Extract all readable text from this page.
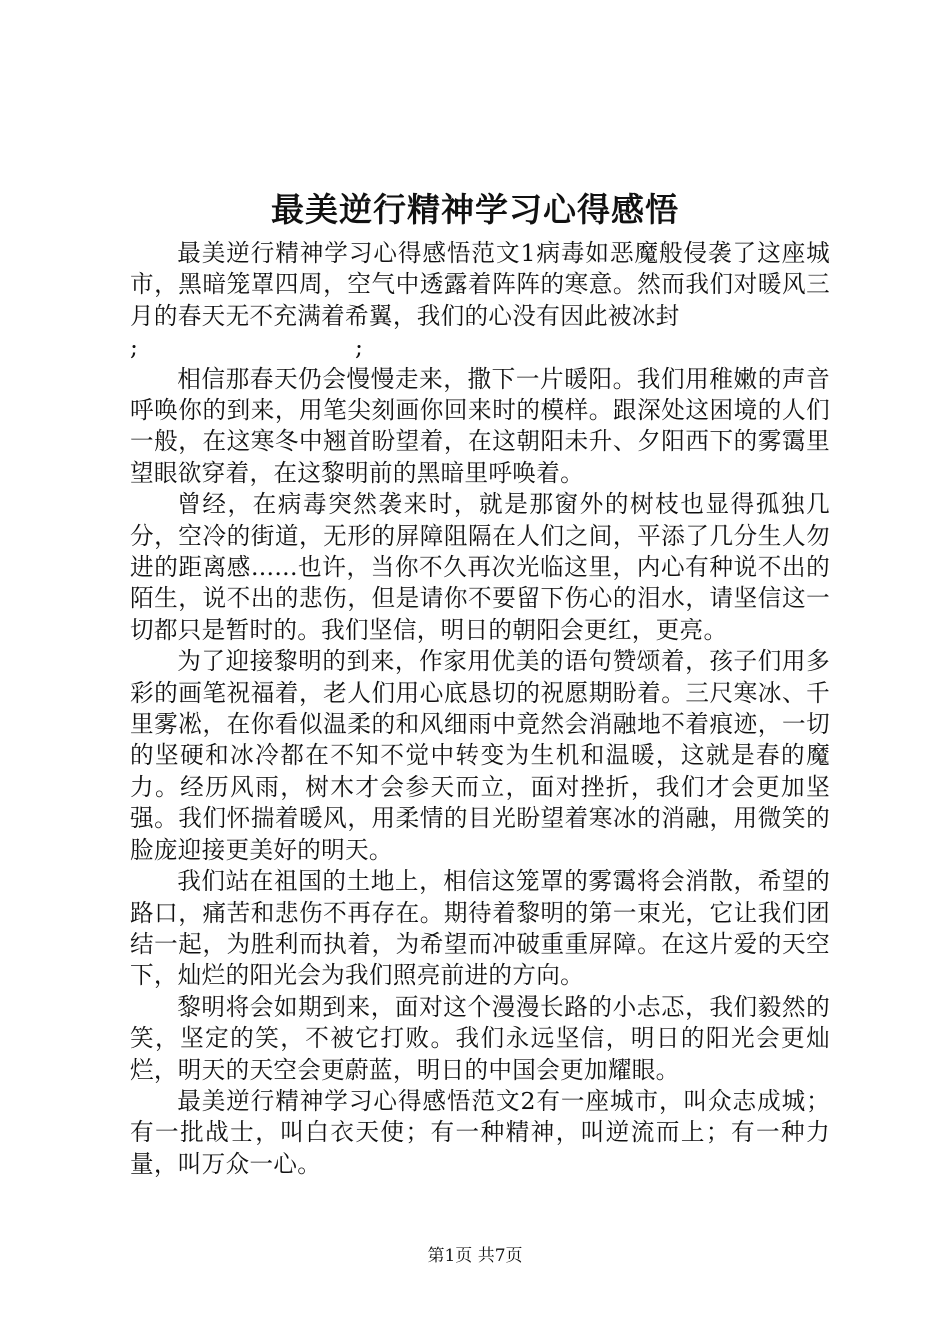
最美逆行精神学习心得感悟

最美逆行精神学习心得感悟范文1病毒如恶魔般侵袭了这座城市，黑暗笼罩四周，空气中透露着阵阵的寒意。然而我们对暖风三月的春天无不充满着希翼，我们的心没有因此被冰封

;	;

相信那春天仍会慢慢走来，撒下一片暖阳。我们用稚嫩的声音呼唤你的到来，用笔尖刻画你回来时的模样。跟深处这困境的人们一般，在这寒冬中翘首盼望着，在这朝阳未升、夕阳西下的雾霭里望眼欲穿着，在这黎明前的黑暗里呼唤着。

曾经，在病毒突然袭来时，就是那窗外的树枝也显得孤独几分，空冷的街道，无形的屏障阻隔在人们之间，平添了几分生人勿进的距离感......也许，当你不久再次光临这里，内心有种说不出的陌生，说不出的悲伤，但是请你不要留下伤心的泪水，请坚信这一切都只是暂时的。我们坚信，明日的朝阳会更红，更亮。

为了迎接黎明的到来，作家用优美的语句赞颂着，孩子们用多彩的画笔祝福着，老人们用心底恳切的祝愿期盼着。三尺寒冰、千里雾凇，在你看似温柔的和风细雨中竟然会消融地不着痕迹，一切的坚硬和冰冷都在不知不觉中转变为生机和温暖，这就是春的魔力。经历风雨，树木才会参天而立，面对挫折，我们才会更加坚强。我们怀揣着暖风，用柔情的目光盼望着寒冰的消融，用微笑的脸庞迎接更美好的明天。

我们站在祖国的土地上，相信这笼罩的雾霭将会消散，希望的路口，痛苦和悲伤不再存在。期待着黎明的第一束光，它让我们团结一起，为胜利而执着，为希望而冲破重重屏障。在这片爱的天空下，灿烂的阳光会为我们照亮前进的方向。

黎明将会如期到来，面对这个漫漫长路的小忐忑，我们毅然的笑，坚定的笑，不被它打败。我们永远坚信，明日的阳光会更灿烂，明天的天空会更蔚蓝，明日的中国会更加耀眼。

最美逆行精神学习心得感悟范文2有一座城市，叫众志成城；有一批战士，叫白衣天使；有一种精神，叫逆流而上；有一种力量，叫万众一心。

第1页 共7页
